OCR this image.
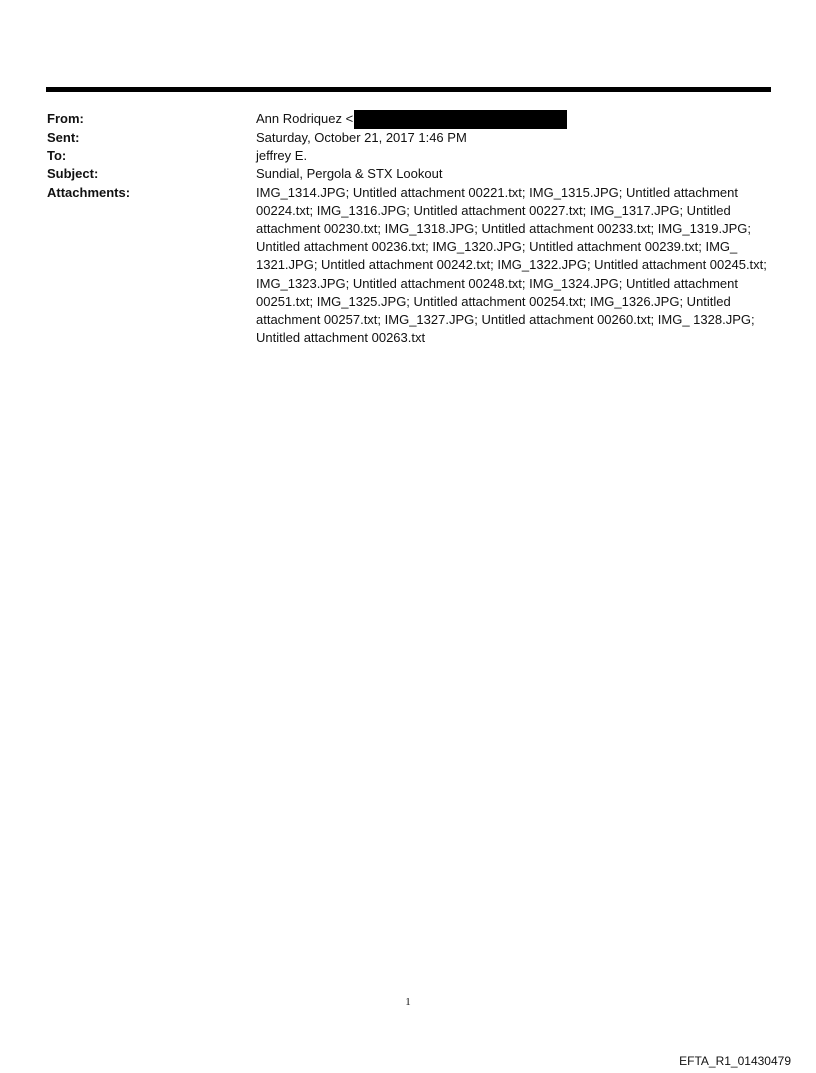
From:	Ann Rodriquez <
Sent:	Saturday, October 21, 2017 1:46 PM
To:	jeffrey E.
Subject:	Sundial, Pergola & STX Lookout
Attachments:	IMG_1314.JPG; Untitled attachment 00221.txt; IMG_1315.JPG; Untitled attachment 00224.txt; IMG_1316.JPG; Untitled attachment 00227.txt; IMG_1317.JPG; Untitled attachment 00230.txt; IMG_1318.JPG; Untitled attachment 00233.txt; IMG_1319.JPG; Untitled attachment 00236.txt; IMG_1320.JPG; Untitled attachment 00239.txt; IMG_ 1321.JPG; Untitled attachment 00242.txt; IMG_1322.JPG; Untitled attachment 00245.txt; IMG_1323.JPG; Untitled attachment 00248.txt; IMG_1324.JPG; Untitled attachment 00251.txt; IMG_1325.JPG; Untitled attachment 00254.txt; IMG_1326.JPG; Untitled attachment 00257.txt; IMG_1327.JPG; Untitled attachment 00260.txt; IMG_ 1328.JPG; Untitled attachment 00263.txt
1
EFTA_R1_01430479
